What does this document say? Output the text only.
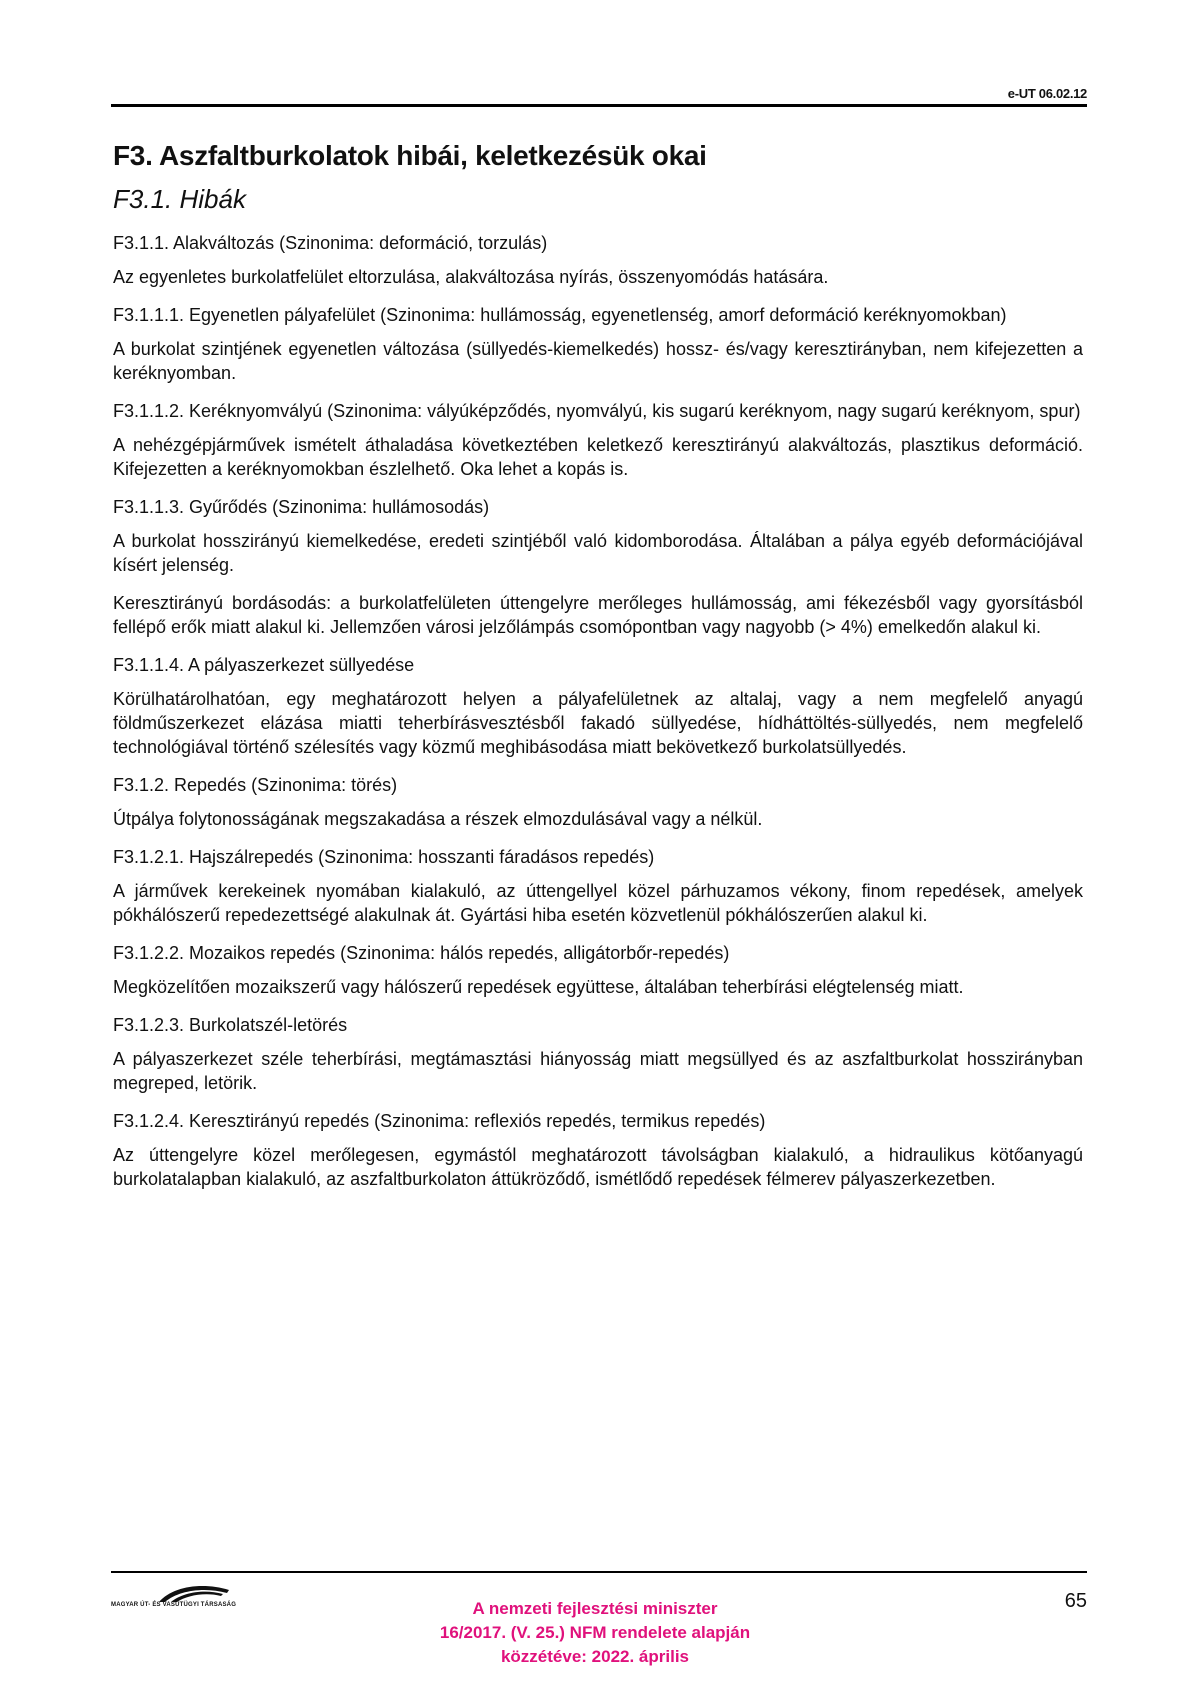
e-UT 06.02.12
F3. Aszfaltburkolatok hibái, keletkezésük okai
F3.1. Hibák
F3.1.1. Alakváltozás (Szinonima: deformáció, torzulás)
Az egyenletes burkolatfelület eltorzulása, alakváltozása nyírás, összenyomódás hatására.
F3.1.1.1. Egyenetlen pályafelület (Szinonima: hullámosság, egyenetlenség, amorf deformáció keréknyomokban)
A burkolat szintjének egyenetlen változása (süllyedés-kiemelkedés) hossz- és/vagy keresztirányban, nem kifejezetten a keréknyomban.
F3.1.1.2. Keréknyomvályú (Szinonima: vályúképződés, nyomvályú, kis sugarú keréknyom, nagy sugarú keréknyom, spur)
A nehézgépjárművek ismételt áthaladása következtében keletkező keresztirányú alakváltozás, plasztikus deformáció. Kifejezetten a keréknyomokban észlelhető. Oka lehet a kopás is.
F3.1.1.3. Gyűrődés (Szinonima: hullámosodás)
A burkolat hosszirányú kiemelkedése, eredeti szintjéből való kidomborodása. Általában a pálya egyéb deformációjával kísért jelenség.
Keresztirányú bordásodás: a burkolatfelületen úttengelyre merőleges hullámosság, ami fékezésből vagy gyorsításból fellépő erők miatt alakul ki. Jellemzően városi jelzőlámpás csomópontban vagy nagyobb (> 4%) emelkedőn alakul ki.
F3.1.1.4. A pályaszerkezet süllyedése
Körülhatárolhatóan, egy meghatározott helyen a pályafelületnek az altalaj, vagy a nem megfelelő anyagú földműszerkezet elázása miatti teherbírásvesztésből fakadó süllyedése, hídháttöltés-süllyedés, nem megfelelő technológiával történő szélesítés vagy közmű meghibásodása miatt bekövetkező burkolatsüllyedés.
F3.1.2. Repedés (Szinonima: törés)
Útpálya folytonosságának megszakadása a részek elmozdulásával vagy a nélkül.
F3.1.2.1. Hajszálrepedés (Szinonima: hosszanti fáradásos repedés)
A járművek kerekeinek nyomában kialakuló, az úttengellyel közel párhuzamos vékony, finom repedések, amelyek pókhálószerű repedezettségé alakulnak át. Gyártási hiba esetén közvetlenül pókhálószerűen alakul ki.
F3.1.2.2. Mozaikos repedés (Szinonima: hálós repedés, alligátorbőr-repedés)
Megközelítően mozaikszerű vagy hálószerű repedések együttese, általában teherbírási elégtelenség miatt.
F3.1.2.3. Burkolatszél-letörés
A pályaszerkezet széle teherbírási, megtámasztási hiányosság miatt megsüllyed és az aszfaltburkolat hosszirányban megreped, letörik.
F3.1.2.4. Keresztirányú repedés (Szinonima: reflexiós repedés, termikus repedés)
Az úttengelyre közel merőlegesen, egymástól meghatározott távolságban kialakuló, a hidraulikus kötőanyagú burkolatalapban kialakuló, az aszfaltburkolaton áttükröződő, ismétlődő repedések félmerev pályaszerkezetben.
MAGYAR ÚT- ÉS VASÚTÜGYI TÁRSASÁG	65
A nemzeti fejlesztési miniszter
16/2017. (V. 25.) NFM rendelete alapján
közzétéve: 2022. április
